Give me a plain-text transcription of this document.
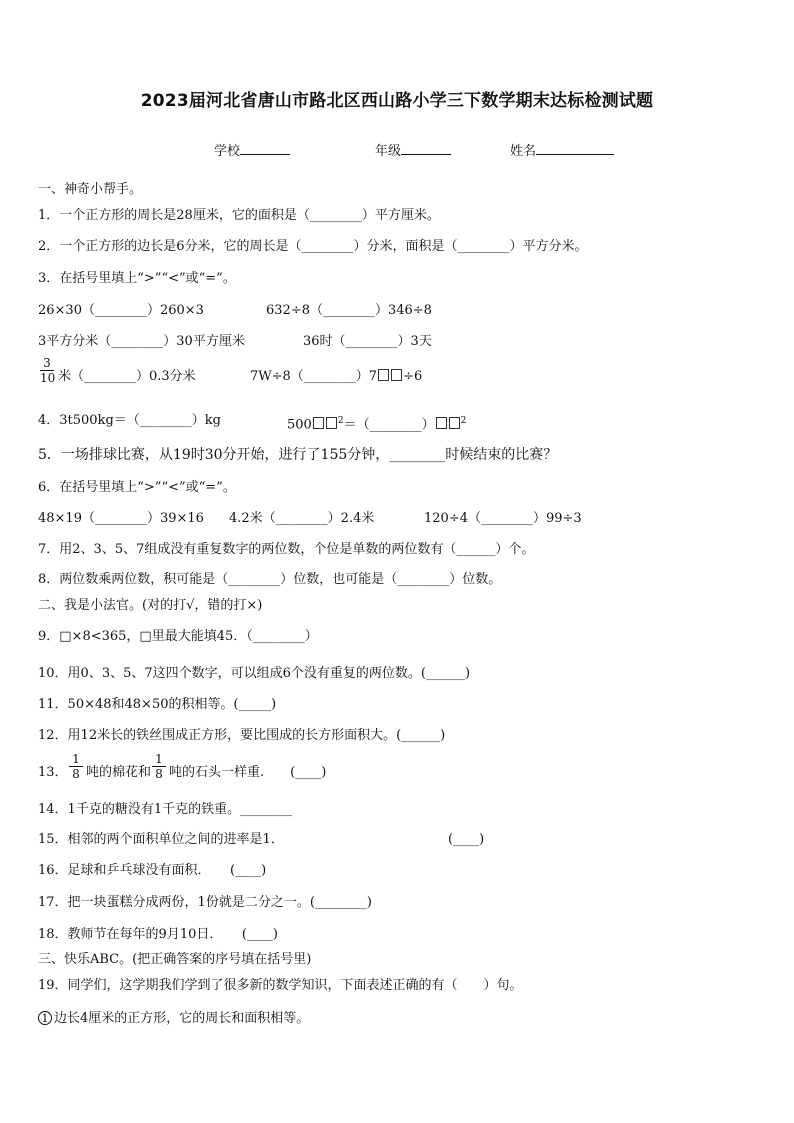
2023届河北省唐山市路北区西山路小学三下数学期末达标检测试题
学校	年级	姓名
一、神奇小帮手。
1．一个正方形的周长是28厘米，它的面积是（________）平方厘米。
2．一个正方形的边长是6分米，它的周长是（________）分米，面积是（________）平方分米。
3．在括号里填上“>”“<”或“=”。
26×30（________）260×3	632÷8（________）346÷8
3平方分米（________）30平方厘米	36时（________）3天
$\frac{3}{10}$ 米（________）0.3分米	7W÷8（________）7 ÷6
4．3t500kg＝（________）kg	500	$^2$＝（________）	$^2$
5．一场排球比赛，从19时30分开始，进行了155分钟，________时候结束的比赛？
6．在括号里填上“>”“<”或“=”。
48×19（________）39×16 4.2米（________）2.4米	120÷4（________）99÷3
7．用2、3、5、7组成没有重复数字的两位数，个位是单数的两位数有（______）个。
8．两位数乘两位数，积可能是（________）位数，也可能是（________）位数。
二、我是小法官。(对的打√，错的打×)
9．□×8<365，□里最大能填45．（________）
10．用0、3、5、7这四个数字，可以组成6个没有重复的两位数。(______)
11．50×48和48×50的积相等。(_____)
12．用12米长的铁丝围成正方形，要比围成的长方形面积大。(______)
13． $\frac{1}{8}$ 吨的棉花和 $\frac{1}{8}$ 吨的石头一样重.　　(____)
14．1千克的糖没有1千克的铁重。________
15．相邻的两个面积单位之间的进率是1．	(____)
16．足球和乒乓球没有面积．　　(____)
17．把一块蛋糕分成两份，1份就是二分之一。(________)
18．教师节在每年的9月10日．　　(____)
三、快乐ABC。(把正确答案的序号填在括号里)
19．同学们，这学期我们学到了很多新的数学知识，下面表述正确的有（　　）句。
1 边长4厘米的正方形，它的周长和面积相等。
